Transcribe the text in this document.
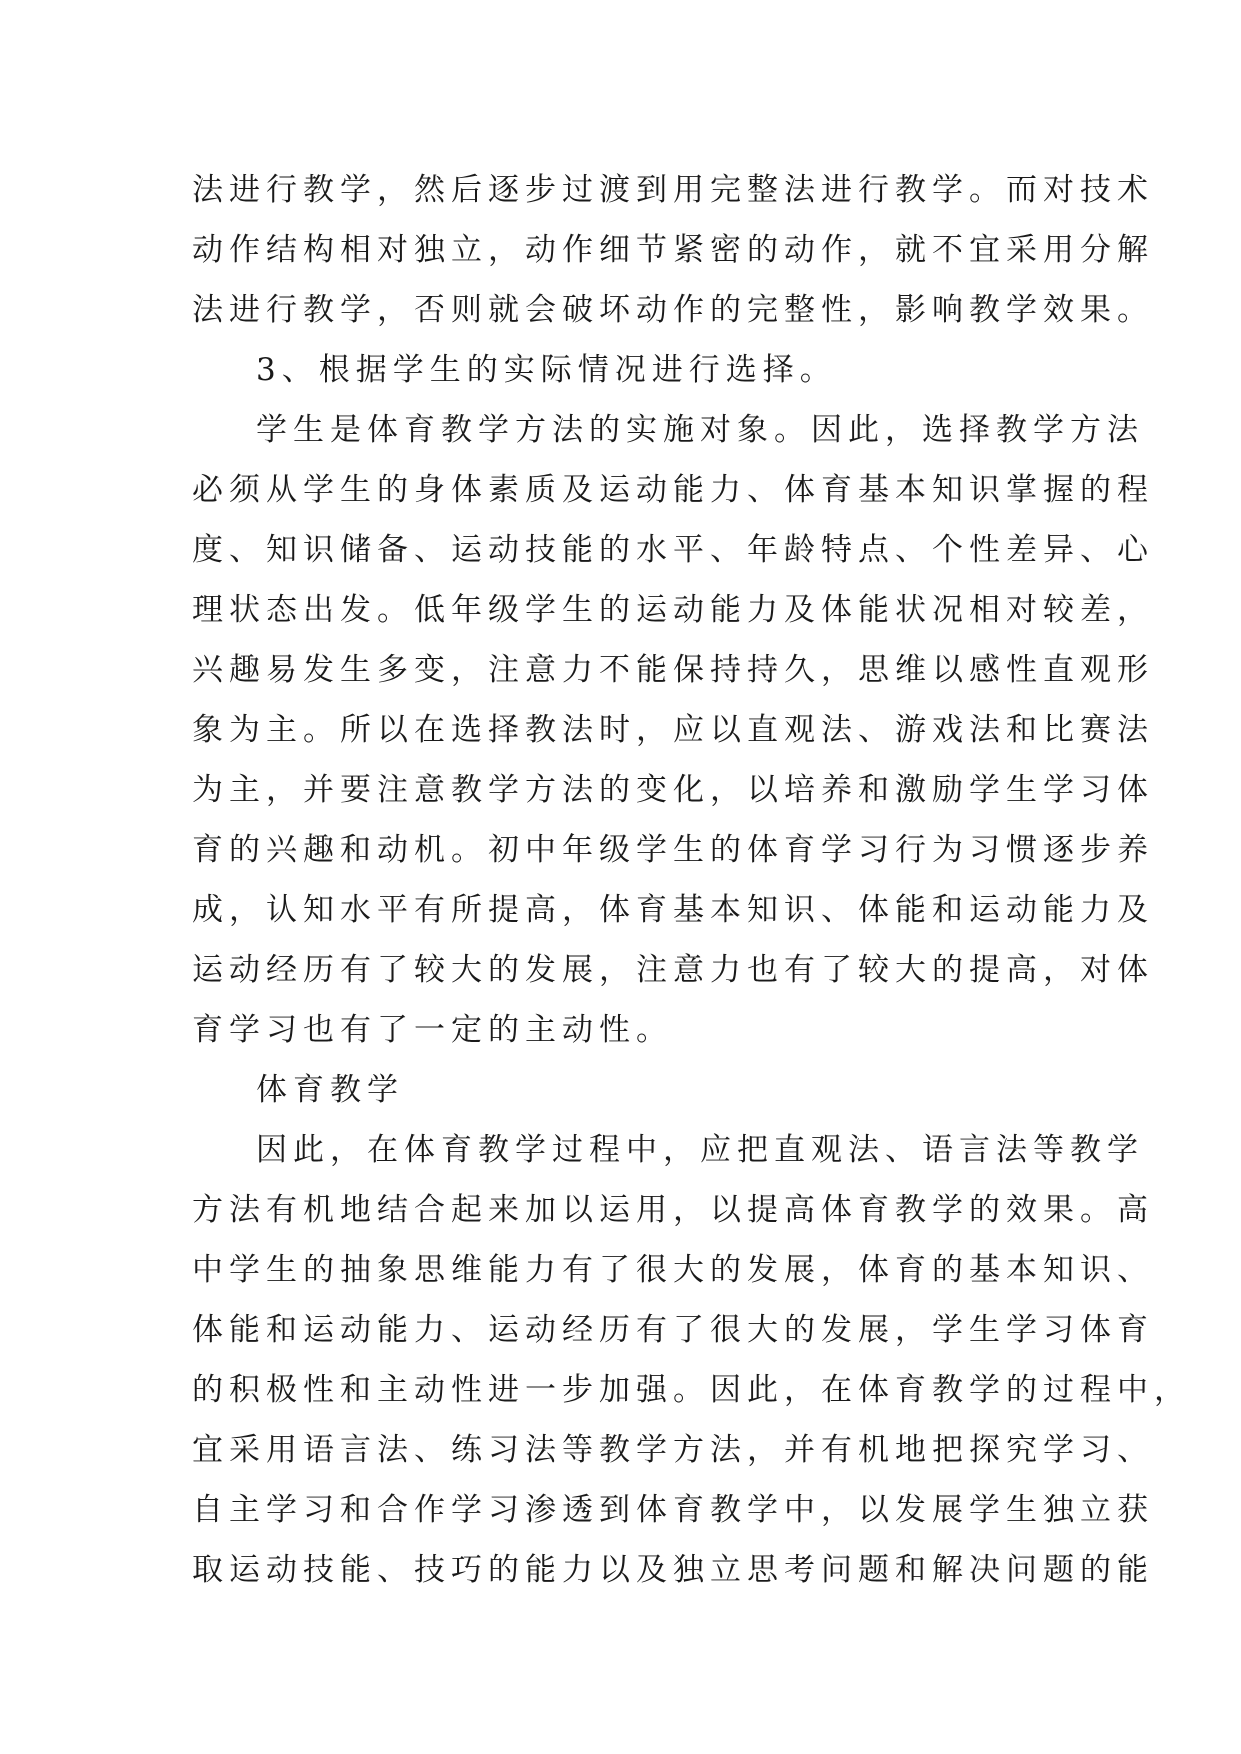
法进行教学，然后逐步过渡到用完整法进行教学。而对技术
动作结构相对独立，动作细节紧密的动作，就不宜采用分解
法进行教学，否则就会破坏动作的完整性，影响教学效果。
3、根据学生的实际情况进行选择。
学生是体育教学方法的实施对象。因此，选择教学方法
必须从学生的身体素质及运动能力、体育基本知识掌握的程
度、知识储备、运动技能的水平、年龄特点、个性差异、心
理状态出发。低年级学生的运动能力及体能状况相对较差，
兴趣易发生多变，注意力不能保持持久，思维以感性直观形
象为主。所以在选择教法时，应以直观法、游戏法和比赛法
为主，并要注意教学方法的变化，以培养和激励学生学习体
育的兴趣和动机。初中年级学生的体育学习行为习惯逐步养
成，认知水平有所提高，体育基本知识、体能和运动能力及
运动经历有了较大的发展，注意力也有了较大的提高，对体
育学习也有了一定的主动性。
体育教学
因此，在体育教学过程中，应把直观法、语言法等教学
方法有机地结合起来加以运用，以提高体育教学的效果。高
中学生的抽象思维能力有了很大的发展，体育的基本知识、
体能和运动能力、运动经历有了很大的发展，学生学习体育
的积极性和主动性进一步加强。因此，在体育教学的过程中，
宜采用语言法、练习法等教学方法，并有机地把探究学习、
自主学习和合作学习渗透到体育教学中，以发展学生独立获
取运动技能、技巧的能力以及独立思考问题和解决问题的能
